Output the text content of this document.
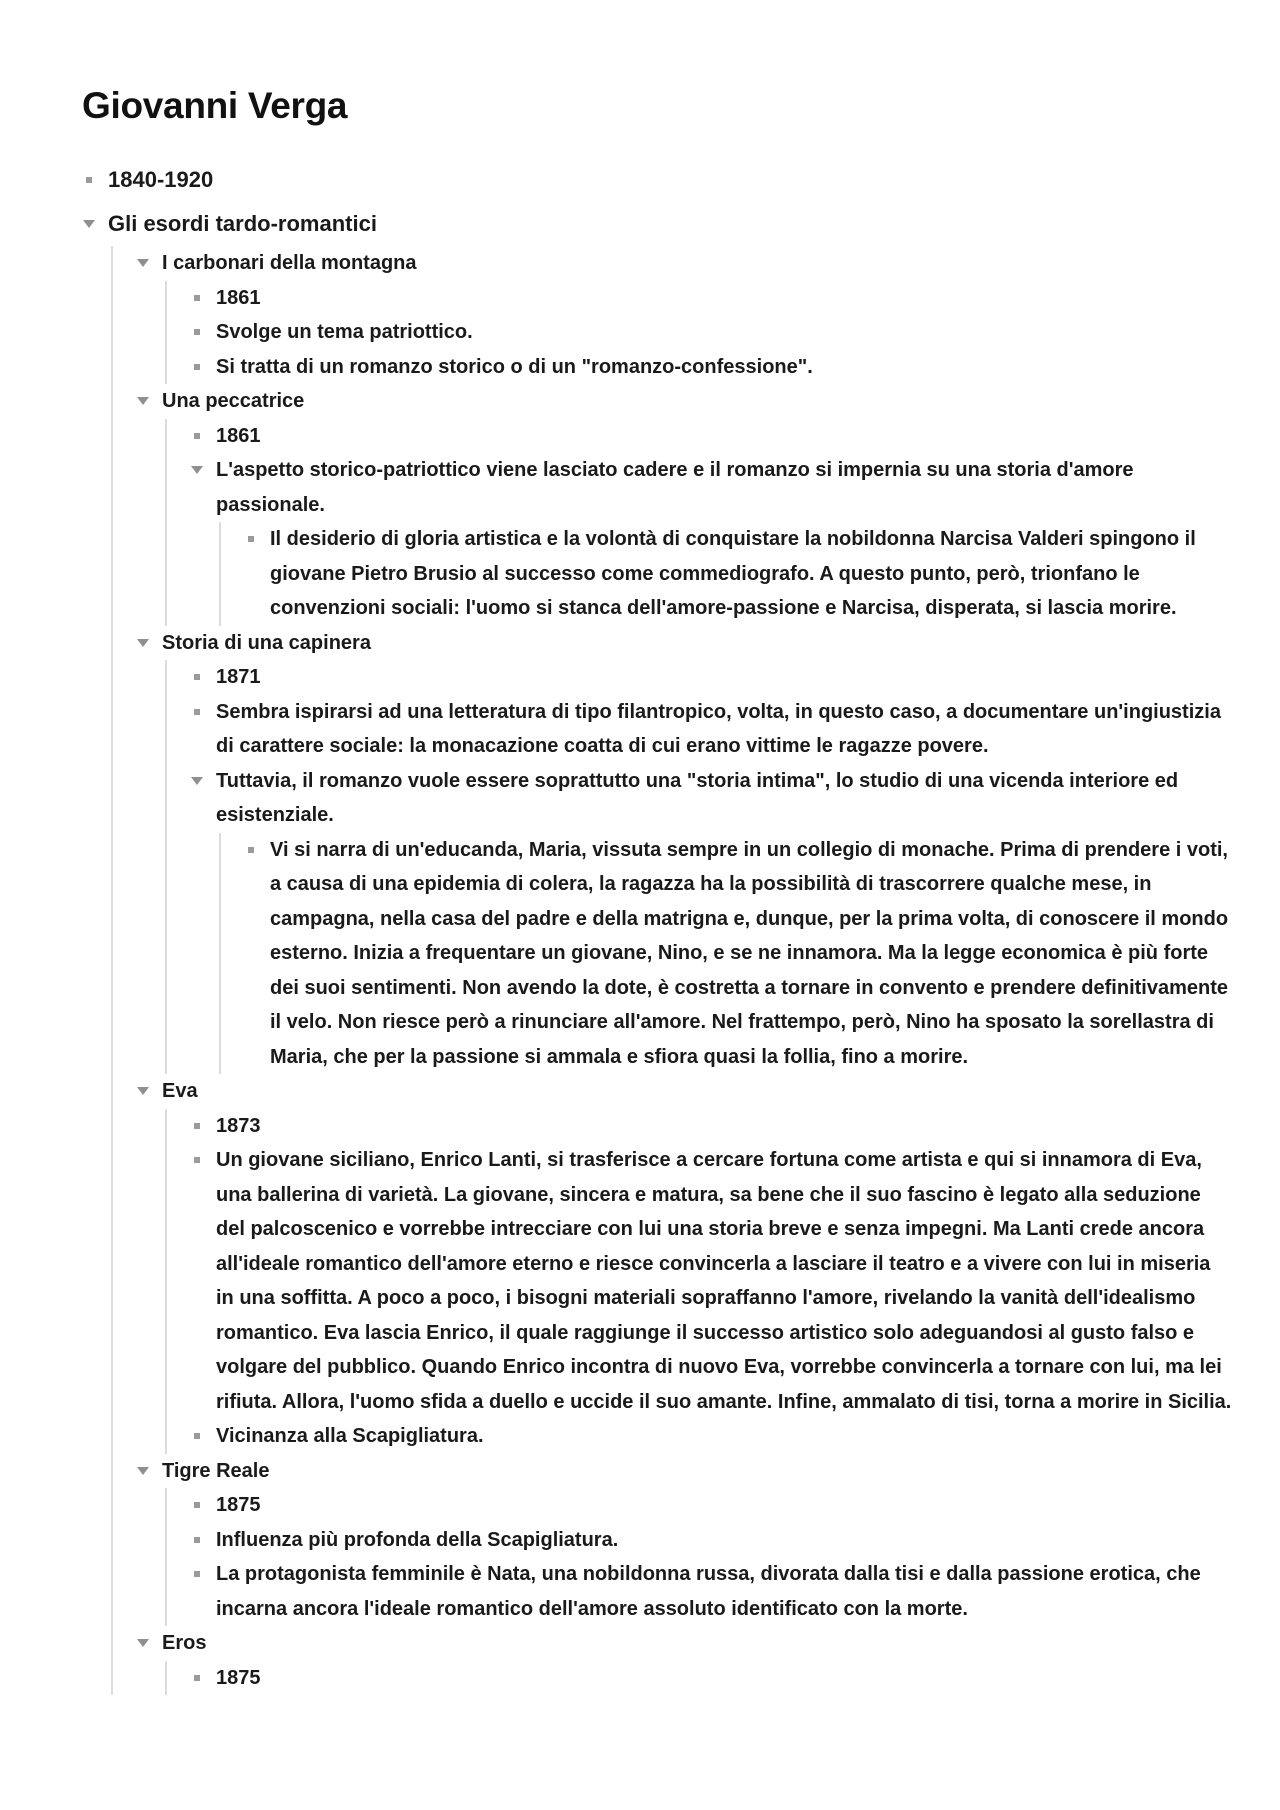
Giovanni Verga
1840-1920
Gli esordi tardo-romantici
I carbonari della montagna
1861
Svolge un tema patriottico.
Si tratta di un romanzo storico o di un "romanzo-confessione".
Una peccatrice
1861
L'aspetto storico-patriottico viene lasciato cadere e il romanzo si impernia su una storia d'amore passionale.
Il desiderio di gloria artistica e la volontà di conquistare la nobildonna Narcisa Valderi spingono il giovane Pietro Brusio al successo come commediografo. A questo punto, però, trionfano le convenzioni sociali: l'uomo si stanca dell'amore-passione e Narcisa, disperata, si lascia morire.
Storia di una capinera
1871
Sembra ispirarsi ad una letteratura di tipo filantropico, volta, in questo caso, a documentare un'ingiustizia di carattere sociale: la monacazione coatta di cui erano vittime le ragazze povere.
Tuttavia, il romanzo vuole essere soprattutto una "storia intima", lo studio di una vicenda interiore ed esistenziale.
Vi si narra di un'educanda, Maria, vissuta sempre in un collegio di monache. Prima di prendere i voti, a causa di una epidemia di colera, la ragazza ha la possibilità di trascorrere qualche mese, in campagna, nella casa del padre e della matrigna e, dunque, per la prima volta, di conoscere il mondo esterno. Inizia a frequentare un giovane, Nino, e se ne innamora. Ma la legge economica è più forte dei suoi sentimenti. Non avendo la dote, è costretta a tornare in convento e prendere definitivamente il velo. Non riesce però a rinunciare all'amore. Nel frattempo, però, Nino ha sposato la sorellastra di Maria, che per la passione si ammala e sfiora quasi la follia, fino a morire.
Eva
1873
Un giovane siciliano, Enrico Lanti, si trasferisce a cercare fortuna come artista e qui si innamora di Eva, una ballerina di varietà. La giovane, sincera e matura, sa bene che il suo fascino è legato alla seduzione del palcoscenico e vorrebbe intrecciare con lui una storia breve e senza impegni. Ma Lanti crede ancora all'ideale romantico dell'amore eterno e riesce convincerla a lasciare il teatro e a vivere con lui in miseria in una soffitta. A poco a poco, i bisogni materiali sopraffanno l'amore, rivelando la vanità dell'idealismo romantico. Eva lascia Enrico, il quale raggiunge il successo artistico solo adeguandosi al gusto falso e volgare del pubblico. Quando Enrico incontra di nuovo Eva, vorrebbe convincerla a tornare con lui, ma lei rifiuta. Allora, l'uomo sfida a duello e uccide il suo amante. Infine, ammalato di tisi, torna a morire in Sicilia.
Vicinanza alla Scapigliatura.
Tigre Reale
1875
Influenza più profonda della Scapigliatura.
La protagonista femminile è Nata, una nobildonna russa, divorata dalla tisi e dalla passione erotica, che incarna ancora l'ideale romantico dell'amore assoluto identificato con la morte.
Eros
1875
